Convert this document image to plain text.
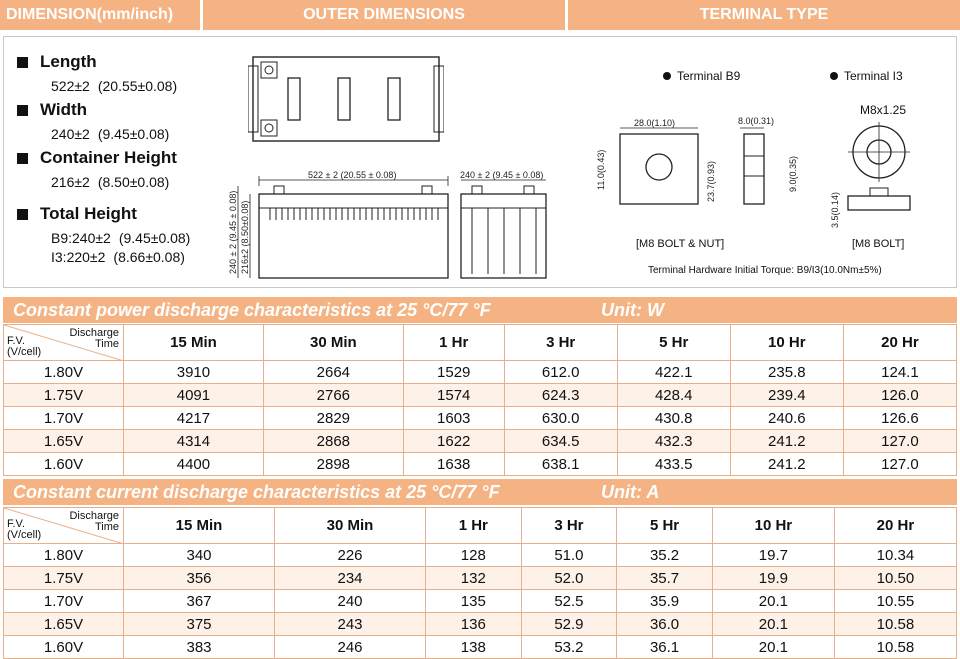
DIMENSION(mm/inch)	OUTER DIMENSIONS	TERMINAL TYPE
Length
522±2 (20.55±0.08)
Width
240±2 (9.45±0.08)
Container Height
216±2 (8.50±0.08)
Total Height
B9:240±2 (9.45±0.08)
I3:220±2 (8.66±0.08)
522 ± 2 (20.55 ± 0.08)
240 ± 2 (9.45 ± 0.08) 216±2 (8.50±0.08)
240 ± 2 (9.45 ± 0.08)
Terminal B9
28.0(1.10)	8.0(0.31)
11.0(0.43)	23.7(0.93)	9.0(0.35)
[M8 BOLT & NUT]
Terminal I3
M8x1.25
3.5(0.14)
[M8 BOLT]
Terminal Hardware Initial Torque: B9/I3(10.0Nm±5%)
Constant power discharge characteristics at 25 °C/77 °F	Unit: W
Discharge
Time
F.V.
(V/cell)	15 Min	30 Min	1 Hr	3 Hr	5 Hr	10 Hr	20 Hr
1.80V	3910	2664	1529	612.0	422.1	235.8	124.1
1.75V	4091	2766	1574	624.3	428.4	239.4	126.0
1.70V	4217	2829	1603	630.0	430.8	240.6	126.6
1.65V	4314	2868	1622	634.5	432.3	241.2	127.0
1.60V	4400	2898	1638	638.1	433.5	241.2	127.0
Constant current discharge characteristics at 25 °C/77 °F	Unit: A
Discharge
Time
F.V.
(V/cell)	15 Min	30 Min	1 Hr	3 Hr	5 Hr	10 Hr	20 Hr
1.80V	340	226	128	51.0	35.2	19.7	10.34
1.75V	356	234	132	52.0	35.7	19.9	10.50
1.70V	367	240	135	52.5	35.9	20.1	10.55
1.65V	375	243	136	52.9	36.0	20.1	10.58
1.60V	383	246	138	53.2	36.1	20.1	10.58
